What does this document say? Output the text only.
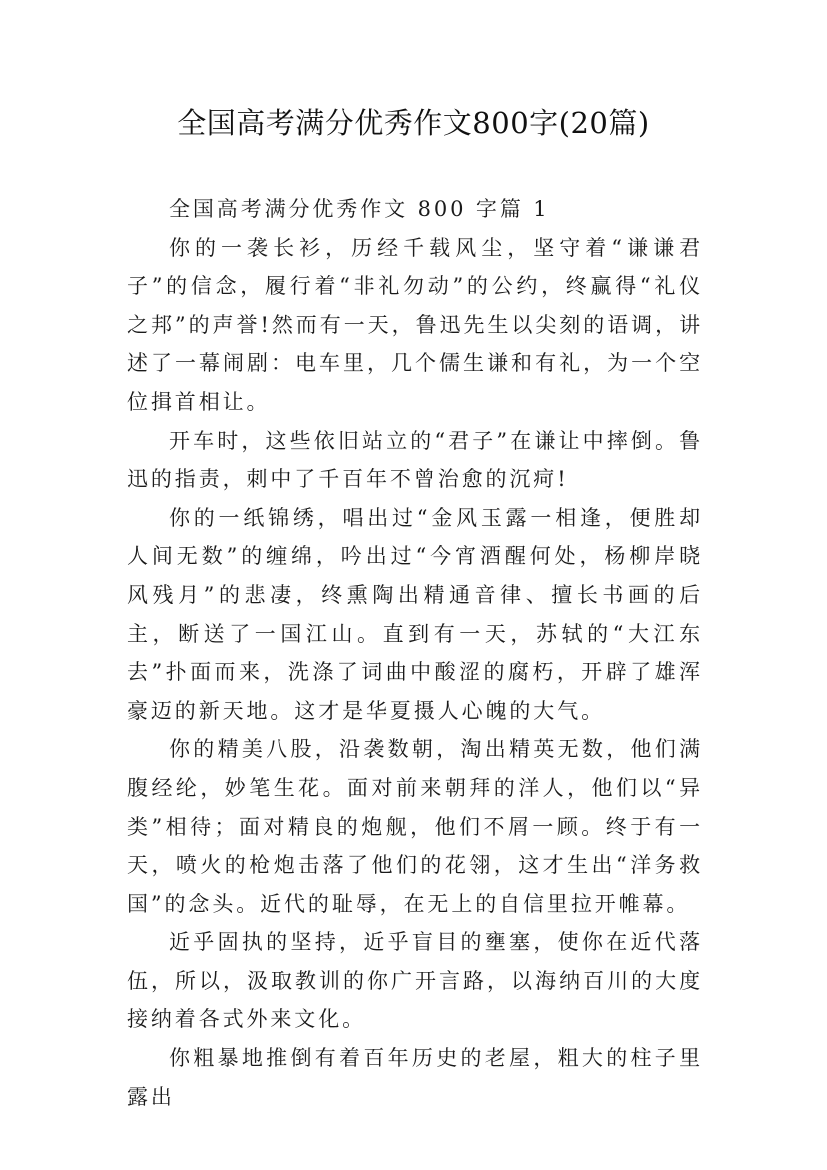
全国高考满分优秀作文800字(20篇)

全国高考满分优秀作文 800 字篇 1

你的一袭长衫，历经千载风尘，坚守着“谦谦君子”的信念，履行着“非礼勿动”的公约，终赢得“礼仪之邦”的声誉!然而有一天，鲁迅先生以尖刻的语调，讲述了一幕闹剧：电车里，几个儒生谦和有礼，为一个空位揖首相让。

开车时，这些依旧站立的“君子”在谦让中摔倒。鲁迅的指责，刺中了千百年不曾治愈的沉疴!

你的一纸锦绣，唱出过“金风玉露一相逢，便胜却人间无数”的缠绵，吟出过“今宵酒醒何处，杨柳岸晓风残月”的悲凄，终熏陶出精通音律、擅长书画的后主，断送了一国江山。直到有一天，苏轼的“大江东去”扑面而来，洗涤了词曲中酸涩的腐朽，开辟了雄浑豪迈的新天地。这才是华夏摄人心魄的大气。

你的精美八股，沿袭数朝，淘出精英无数，他们满腹经纶，妙笔生花。面对前来朝拜的洋人，他们以“异类”相待；面对精良的炮舰，他们不屑一顾。终于有一天，喷火的枪炮击落了他们的花翎，这才生出“洋务救国”的念头。近代的耻辱，在无上的自信里拉开帷幕。

近乎固执的坚持，近乎盲目的壅塞，使你在近代落伍，所以，汲取教训的你广开言路，以海纳百川的大度接纳着各式外来文化。

你粗暴地推倒有着百年历史的老屋，粗大的柱子里露出
